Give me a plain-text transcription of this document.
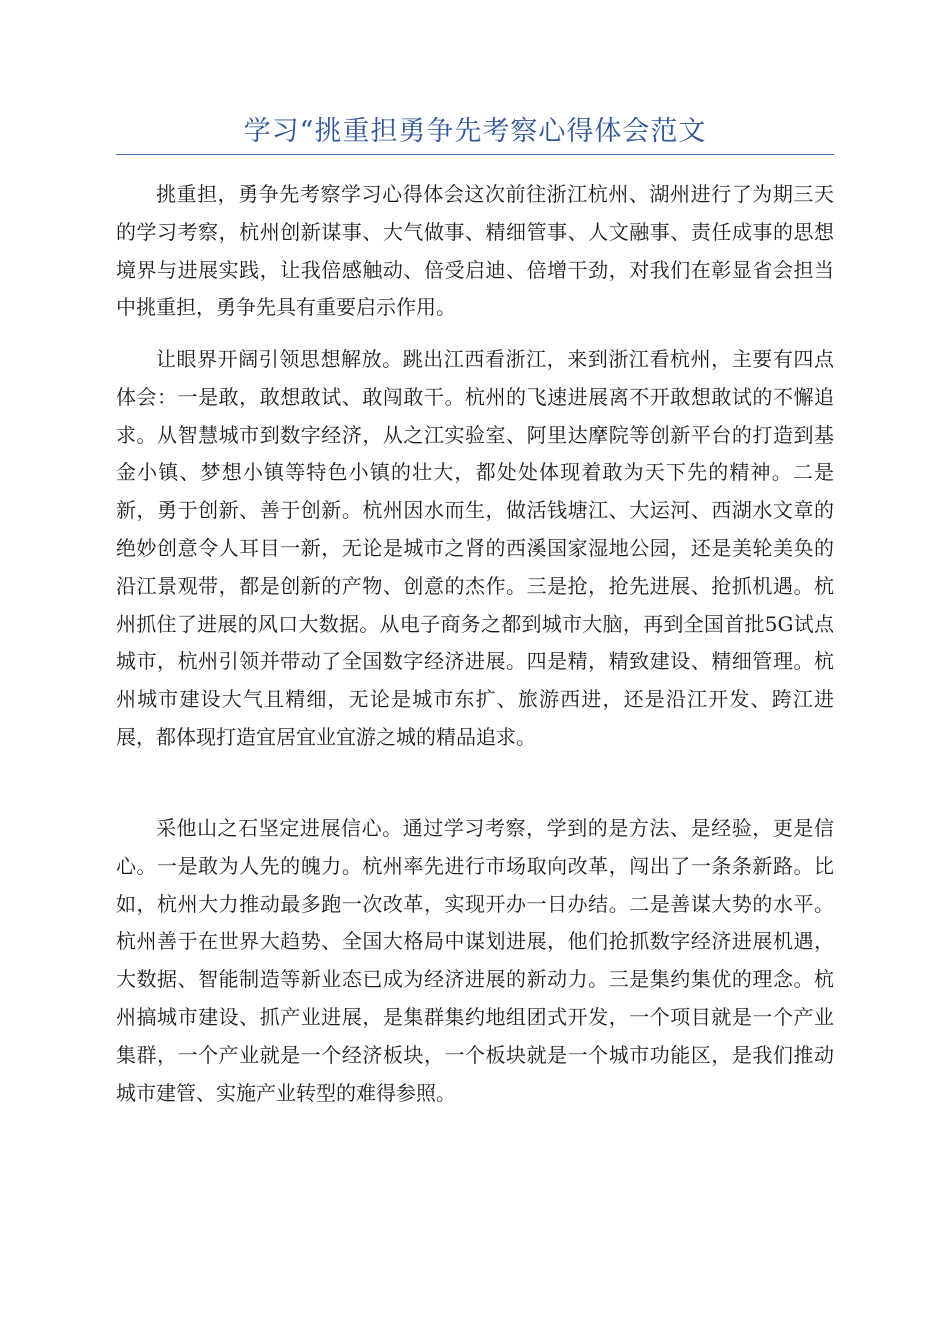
学习“挑重担勇争先考察心得体会范文

挑重担，勇争先考察学习心得体会这次前往浙江杭州、湖州进行了为期三天的学习考察，杭州创新谋事、大气做事、精细管事、人文融事、责任成事的思想境界与进展实践，让我倍感触动、倍受启迪、倍增干劲，对我们在彰显省会担当中挑重担，勇争先具有重要启示作用。

让眼界开阔引领思想解放。跳出江西看浙江，来到浙江看杭州，主要有四点体会：一是敢，敢想敢试、敢闯敢干。杭州的飞速进展离不开敢想敢试的不懈追求。从智慧城市到数字经济，从之江实验室、阿里达摩院等创新平台的打造到基金小镇、梦想小镇等特色小镇的壮大，都处处体现着敢为天下先的精神。二是新，勇于创新、善于创新。杭州因水而生，做活钱塘江、大运河、西湖水文章的绝妙创意令人耳目一新，无论是城市之肾的西溪国家湿地公园，还是美轮美奂的沿江景观带，都是创新的产物、创意的杰作。三是抢，抢先进展、抢抓机遇。杭州抓住了进展的风口大数据。从电子商务之都到城市大脑，再到全国首批5G试点城市，杭州引领并带动了全国数字经济进展。四是精，精致建设、精细管理。杭州城市建设大气且精细，无论是城市东扩、旅游西进，还是沿江开发、跨江进展，都体现打造宜居宜业宜游之城的精品追求。

采他山之石坚定进展信心。通过学习考察，学到的是方法、是经验，更是信心。一是敢为人先的魄力。杭州率先进行市场取向改革，闯出了一条条新路。比如，杭州大力推动最多跑一次改革，实现开办一日办结。二是善谋大势的水平。杭州善于在世界大趋势、全国大格局中谋划进展，他们抢抓数字经济进展机遇，大数据、智能制造等新业态已成为经济进展的新动力。三是集约集优的理念。杭州搞城市建设、抓产业进展，是集群集约地组团式开发，一个项目就是一个产业集群，一个产业就是一个经济板块，一个板块就是一个城市功能区，是我们推动城市建管、实施产业转型的难得参照。
